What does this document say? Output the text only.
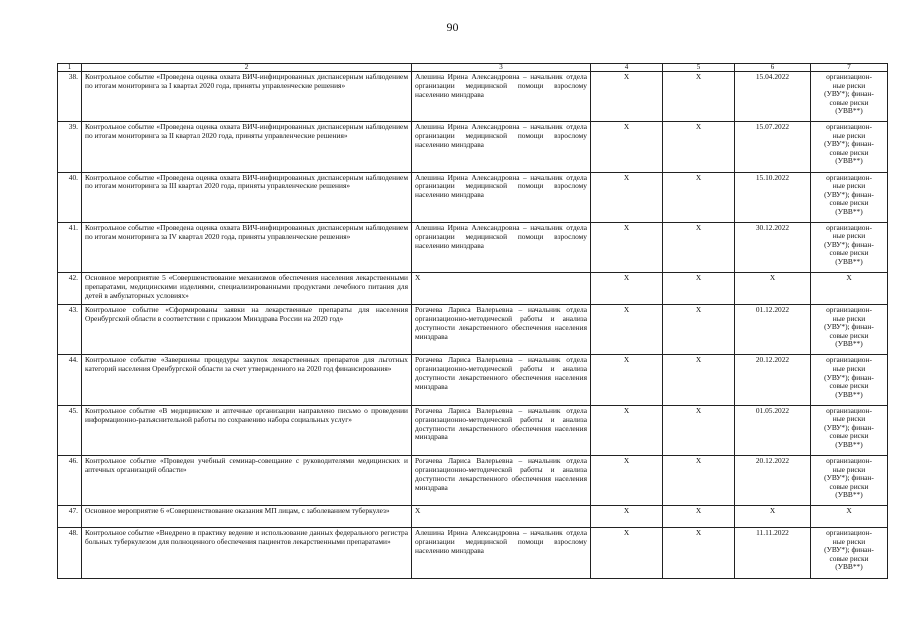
90
1	2	3	4	5	6	7
38.	Контрольное событие «Проведена оценка охвата ВИЧ-инфицированных диспансерным наблюдением по итогам мониторинга за I квартал 2020 года, приняты управленческие решения»	Алешина Ирина Александровна – начальник отдела организации медицинской помощи взрослому населению минздрава	X	X	15.04.2022	организацион-
ные риски
(УВУ*); финан-
совые риски
(УВВ**)

39.	Контрольное событие «Проведена оценка охвата ВИЧ-инфицированных диспансерным наблюдением по итогам мониторинга за II квартал 2020 года, приняты управленческие решения»	Алешина Ирина Александровна – начальник отдела организации медицинской помощи взрослому населению минздрава	X	X	15.07.2022	организацион-
ные риски
(УВУ*); финан-
совые риски
(УВВ**)

40.	Контрольное событие «Проведена оценка охвата ВИЧ-инфицированных диспансерным наблюдением по итогам мониторинга за III квартал 2020 года, приняты управленческие решения»	Алешина Ирина Александровна – начальник отдела организации медицинской помощи взрослому населению минздрава	X	X	15.10.2022	организацион-
ные риски
(УВУ*); финан-
совые риски
(УВВ**)

41.	Контрольное событие «Проведена оценка охвата ВИЧ-инфицированных диспансерным наблюдением по итогам мониторинга за IV квартал 2020 года, приняты управленческие решения»	Алешина Ирина Александровна – начальник отдела организации медицинской помощи взрослому населению минздрава	X	X	30.12.2022	организацион-
ные риски
(УВУ*); финан-
совые риски
(УВВ**)

42.	Основное мероприятие 5 «Совершенствование механизмов обеспечения населения лекарственными препаратами, медицинскими изделиями, специализированными продуктами лечебного питания для детей в амбулаторных условиях»	X	X	X	X	X

43.	Контрольное событие «Сформированы заявки на лекарственные препараты для населения Оренбургской области в соответствии с приказом Минздрава России на 2020 год»	Рогачева Лариса Валерьевна – начальник отдела организационно-методической работы и анализа доступности лекарственного обеспечения населения минздрава	X	X	01.12.2022	организацион-
ные риски
(УВУ*); финан-
совые риски
(УВВ**)

44.	Контрольное событие «Завершены процедуры закупок лекарственных препаратов для льготных категорий населения Оренбургской области за счет утвержденного на 2020 год финансирования»	Рогачева Лариса Валерьевна – начальник отдела организационно-методической работы и анализа доступности лекарственного обеспечения населения минздрава	X	X	20.12.2022	организацион-
ные риски
(УВУ*); финан-
совые риски
(УВВ**)

45.	Контрольное событие «В медицинские и аптечные организации направлено письмо о проведении информационно-разъяснительной работы по сохранению набора социальных услуг»	Рогачева Лариса Валерьевна – начальник отдела организационно-методической работы и анализа доступности лекарственного обеспечения населения минздрава	X	X	01.05.2022	организацион-
ные риски
(УВУ*); финан-
совые риски
(УВВ**)

46.	Контрольное событие «Проведен учебный семинар-совещание с руководителями медицинских и аптечных организаций области»	Рогачева Лариса Валерьевна – начальник отдела организационно-методической работы и анализа доступности лекарственного обеспечения населения минздрава	X	X	20.12.2022	организацион-
ные риски
(УВУ*); финан-
совые риски
(УВВ**)

47.	Основное мероприятие 6 «Совершенствование оказания МП лицам, с заболеванием туберкулез»	X	X	X	X	X

48.	Контрольное событие «Внедрено в практику ведение и использование данных федерального регистра больных туберкулезом для полноценного обеспечения пациентов лекарственными препаратами»	Алешина Ирина Александровна – начальник отдела организации медицинской помощи взрослому населению минздрава	X	X	11.11.2022	организацион-
ные риски
(УВУ*); финан-
совые риски
(УВВ**)
